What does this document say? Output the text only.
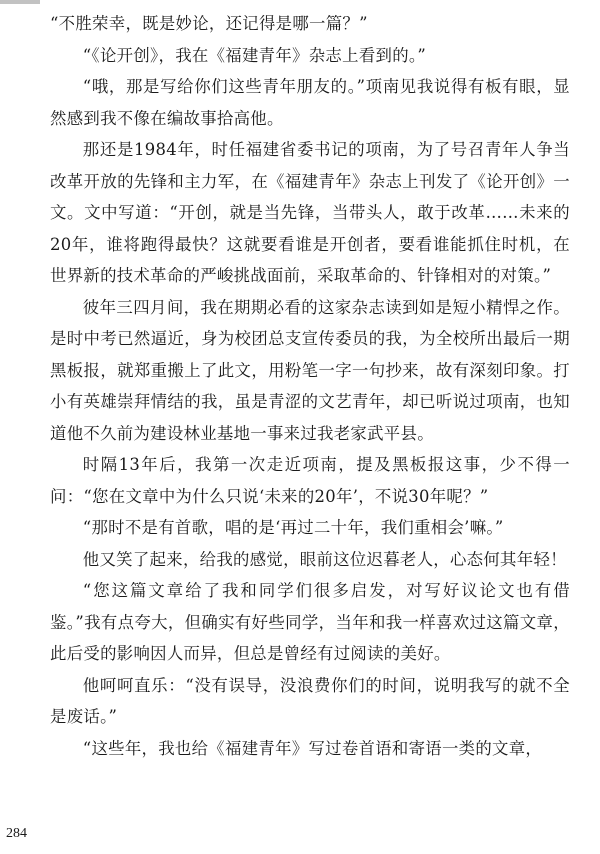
“不胜荣幸，既是妙论，还记得是哪一篇？”

“《论开创》，我在《福建青年》杂志上看到的。”

“哦，那是写给你们这些青年朋友的。”项南见我说得有板有眼，显然感到我不像在编故事拾高他。

那还是1984年，时任福建省委书记的项南，为了号召青年人争当改革开放的先锋和主力军，在《福建青年》杂志上刊发了《论开创》一文。文中写道：“开创，就是当先锋，当带头人，敢于改革……未来的20年，谁将跑得最快？这就要看谁是开创者，要看谁能抓住时机，在世界新的技术革命的严峻挑战面前，采取革命的、针锋相对的对策。”

彼年三四月间，我在期期必看的这家杂志读到如是短小精悍之作。是时中考已然逼近，身为校团总支宣传委员的我，为全校所出最后一期黑板报，就郑重搬上了此文，用粉笔一字一句抄来，故有深刻印象。打小有英雄崇拜情结的我，虽是青涩的文艺青年，却已听说过项南，也知道他不久前为建设林业基地一事来过我老家武平县。

时隔13年后，我第一次走近项南，提及黑板报这事，少不得一问：“您在文章中为什么只说‘未来的20年’，不说30年呢？”

“那时不是有首歌，唱的是‘再过二十年，我们重相会’嘛。”

他又笑了起来，给我的感觉，眼前这位迟暮老人，心态何其年轻！

“您这篇文章给了我和同学们很多启发，对写好议论文也有借鉴。”我有点夸大，但确实有好些同学，当年和我一样喜欢过这篇文章，此后受的影响因人而异，但总是曾经有过阅读的美好。

他呵呵直乐：“没有误导，没浪费你们的时间，说明我写的就不全是废话。”

“这些年，我也给《福建青年》写过卷首语和寄语一类的文章，

284
